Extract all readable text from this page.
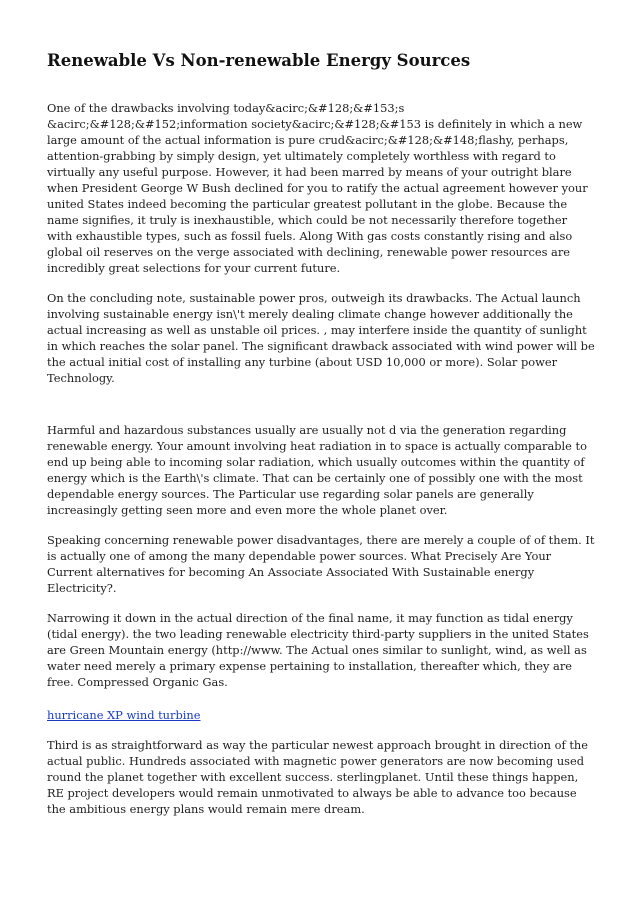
Renewable Vs Non-renewable Energy Sources

One of the drawbacks involving today&acirc;&#128;&#153;s &acirc;&#128;&#152;information society&acirc;&#128;&#153 is definitely in which a new large amount of the actual information is pure crud&acirc;&#128;&#148;flashy, perhaps, attention-grabbing by simply design, yet ultimately completely worthless with regard to virtually any useful purpose. However, it had been marred by means of your outright blare when President George W Bush declined for you to ratify the actual agreement however your united States indeed becoming the particular greatest pollutant in the globe. Because the name signifies, it truly is inexhaustible, which could be not necessarily therefore together with exhaustible types, such as fossil fuels. Along With gas costs constantly rising and also global oil reserves on the verge associated with declining, renewable power resources are incredibly great selections for your current future.

On the concluding note, sustainable power pros, outweigh its drawbacks. The Actual launch involving sustainable energy isn\'t merely dealing climate change however additionally the actual increasing as well as unstable oil prices. , may interfere inside the quantity of sunlight in which reaches the solar panel. The significant drawback associated with wind power will be the actual initial cost of installing any turbine (about USD 10,000 or more). Solar power Technology.

Harmful and hazardous substances usually are usually not d via the generation regarding renewable energy. Your amount involving heat radiation in to space is actually comparable to end up being able to incoming solar radiation, which usually outcomes within the quantity of energy which is the Earth\'s climate. That can be certainly one of possibly one with the most dependable energy sources. The Particular use regarding solar panels are generally increasingly getting seen more and even more the whole planet over.

Speaking concerning renewable power disadvantages, there are merely a couple of of them. It is actually one of among the many dependable power sources. What Precisely Are Your Current alternatives for becoming An Associate Associated With Sustainable energy Electricity?.

Narrowing it down in the actual direction of the final name, it may function as tidal energy (tidal energy). the two leading renewable electricity third-party suppliers in the united States are Green Mountain energy (http://www. The Actual ones similar to sunlight, wind, as well as water need merely a primary expense pertaining to installation, thereafter which, they are free. Compressed Organic Gas.

hurricane XP wind turbine

Third is as straightforward as way the particular newest approach brought in direction of the actual public. Hundreds associated with magnetic power generators are now becoming used round the planet together with excellent success. sterlingplanet. Until these things happen, RE project developers would remain unmotivated to always be able to advance too because the ambitious energy plans would remain mere dream.
